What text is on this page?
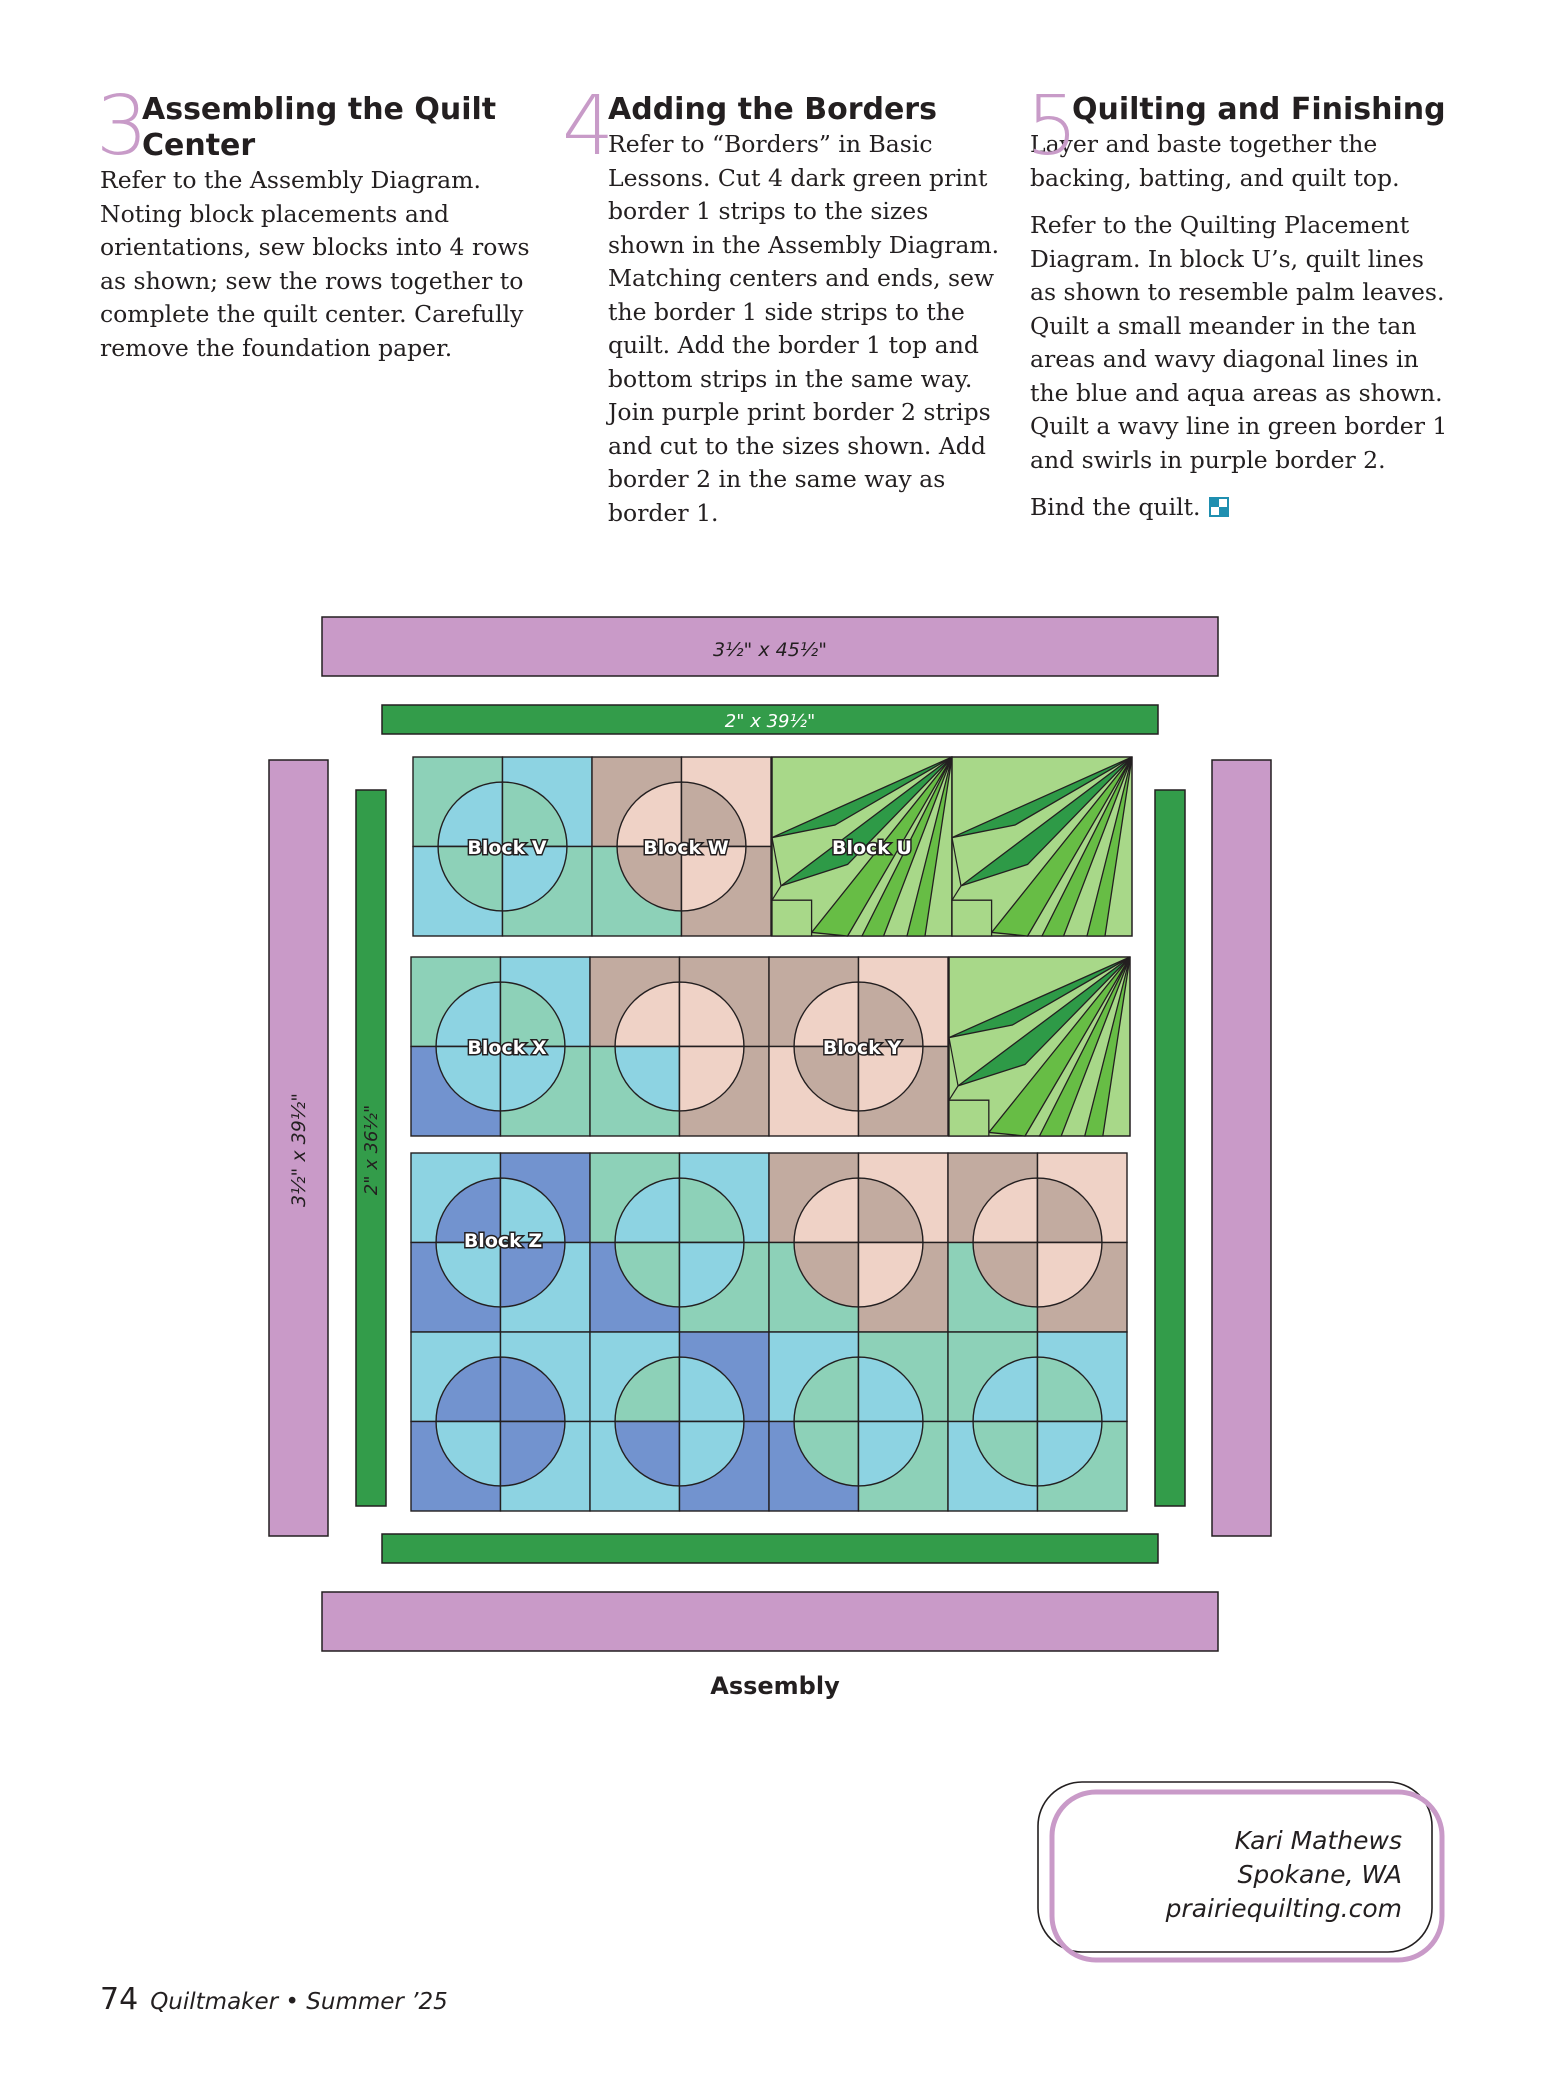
3
Assembling the Quilt Center

Refer to the Assembly Diagram. Noting block placements and orientations, sew blocks into 4 rows as shown; sew the rows together to complete the quilt center. Carefully remove the foundation paper.

4
Adding the Borders

Refer to “Borders” in Basic Lessons. Cut 4 dark green print border 1 strips to the sizes shown in the Assembly Diagram. Matching centers and ends, sew the border 1 side strips to the quilt. Add the border 1 top and bottom strips in the same way. Join purple print border 2 strips and cut to the sizes shown. Add border 2 in the same way as border 1.

5
Quilting and Finishing

Layer and baste together the backing, batting, and quilt top.

Refer to the Quilting Placement Diagram. In block U’s, quilt lines as shown to resemble palm leaves. Quilt a small meander in the tan areas and wavy diagonal lines in the blue and aqua areas as shown. Quilt a wavy line in green border 1 and swirls in purple border 2.

Bind the quilt.

Block V	Block W	Block U
Block X	Block Y
Block Z
3½" x 45½"
2" x 39½"
3½" x 39½"	2" x 36½"
Assembly
Kari Mathews
Spokane, WA
prairiequilting.com
74 Quiltmaker • Summer ’25
